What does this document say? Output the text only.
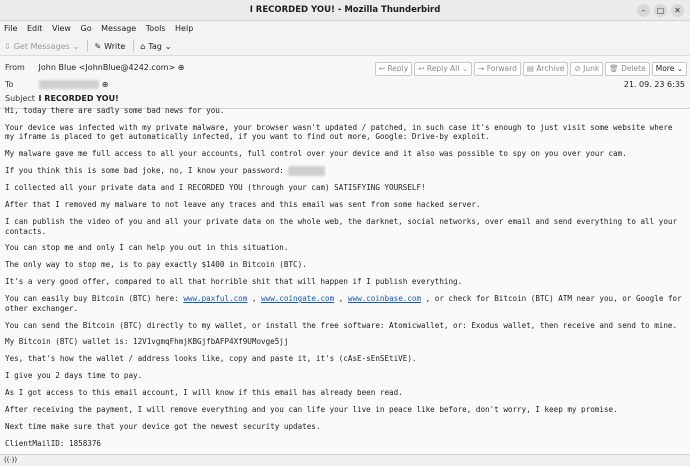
I RECORDED YOU! - Mozilla Thunderbird	–	□	✕
File Edit View Go Message Tools Help
⇩ Get Messages ⌄ ✎ Write ⌂ Tag ⌄
From John Blue <JohnBlue@4242.com> ⊕
To	⊕
Subject I RECORDED YOU!
↩ Reply	↩ Reply All ⌄	→ Forward	▤ Archive	⊘ Junk	🗑 Delete	More ⌄
21. 09. 23 6:35

Hi, today there are sadly some bad news for you.

Your device was infected with my private malware, your browser wasn't updated / patched, in such case it's enough to just visit some website where my iframe is placed to get automatically infected, if you want to find out more, Google: Drive-by exploit.

My malware gave me full access to all your accounts, full control over your device and it also was possible to spy on you over your cam.

If you think this is some bad joke, no, I know your password:

I collected all your private data and I RECORDED YOU (through your cam) SATISFYING YOURSELF!

After that I removed my malware to not leave any traces and this email was sent from some hacked server.

I can publish the video of you and all your private data on the whole web, the darknet, social networks, over email and send everything to all your contacts.

You can stop me and only I can help you out in this situation.

The only way to stop me, is to pay exactly $1400 in Bitcoin (BTC).

It's a very good offer, compared to all that horrible shit that will happen if I publish everything.

You can easily buy Bitcoin (BTC) here: www.paxful.com , www.coingate.com , www.coinbase.com , or check for Bitcoin (BTC) ATM near you, or Google for other exchanger.

You can send the Bitcoin (BTC) directly to my wallet, or install the free software: Atomicwallet, or: Exodus wallet, then receive and send to mine.

My Bitcoin (BTC) wallet is: 12V1vgmqFhmjKBGjfbAFP4Xf9UMovge5jj

Yes, that's how the wallet / address looks like, copy and paste it, it's (cAsE-sEnSEtiVE).

I give you 2 days time to pay.

As I got access to this email account, I will know if this email has already been read.

After receiving the payment, I will remove everything and you can life your live in peace like before, don't worry, I keep my promise.

Next time make sure that your device got the newest security updates.

ClientMailID: 1858376

((·))
